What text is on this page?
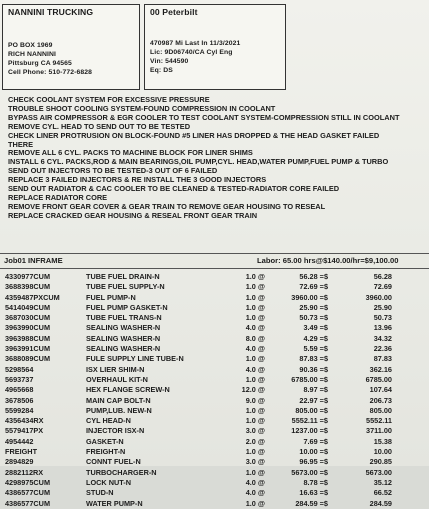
NANNINI TRUCKING
PO BOX 1969
RICH NANNINI
Pittsburg CA 94565
Cell Phone: 510-772-6828
00 Peterbilt
470987 Mi Last In 11/3/2021
Lic: 9D06740/CA Cyl Eng
Vin: 544590
Eq: DS
CHECK COOLANT SYSTEM FOR EXCESSIVE PRESSURE
TROUBLE SHOOT COOLING SYSTEM-FOUND COMPRESSION IN COOLANT
BYPASS AIR COMPRESSOR & EGR COOLER TO TEST COOLANT SYSTEM-COMPRESSION STILL IN COOLANT
REMOVE CYL. HEAD TO SEND OUT TO BE TESTED
CHECK LINER PROTRUSION ON BLOCK-FOUND #5 LINER HAS DROPPED & THE HEAD GASKET FAILED
THERE
REMOVE ALL 6 CYL. PACKS TO MACHINE BLOCK FOR LINER SHIMS
INSTALL 6 CYL. PACKS,ROD & MAIN BEARINGS,OIL PUMP,CYL. HEAD,WATER PUMP,FUEL PUMP & TURBO
SEND OUT INJECTORS TO BE TESTED-3 OUT OF 6 FAILED
REPLACE 3 FAILED INJECTORS & RE INSTALL THE 3 GOOD INJECTORS
SEND OUT RADIATOR & CAC COOLER TO BE CLEANED & TESTED-RADIATOR CORE FAILED
REPLACE RADIATOR CORE
REMOVE FRONT GEAR COVER & GEAR TRAIN TO REMOVE GEAR HOUSING TO RESEAL
REPLACE CRACKED GEAR HOUSING & RESEAL FRONT GEAR TRAIN
Job01 INFRAME	Labor: 65.00 hrs@$140.00/hr=$9,100.00
4330977CUM	TUBE FUEL DRAIN-N	1.0 @	56.28 =$	56.28
3688398CUM	TUBE FUEL SUPPLY-N	1.0 @	72.69 =$	72.69
4359487PXCUM	FUEL PUMP-N	1.0 @	3960.00 =$	3960.00
5414049CUM	FUEL PUMP GASKET-N	1.0 @	25.90 =$	25.90
3687030CUM	TUBE FUEL TRANS-N	1.0 @	50.73 =$	50.73
3963990CUM	SEALING WASHER-N	4.0 @	3.49 =$	13.96
3963988CUM	SEALING WASHER-N	8.0 @	4.29 =$	34.32
3963991CUM	SEALING WASHER-N	4.0 @	5.59 =$	22.36
3688089CUM	FULE SUPPLY LINE TUBE-N	1.0 @	87.83 =$	87.83
5298564	ISX LIER SHIM-N	4.0 @	90.36 =$	362.16
5693737	OVERHAUL KIT-N	1.0 @	6785.00 =$	6785.00
4965668	HEX FLANGE SCREW-N	12.0 @	8.97 =$	107.64
3678506	MAIN CAP BOLT-N	9.0 @	22.97 =$	206.73
5599284	PUMP,LUB. NEW-N	1.0 @	805.00 =$	805.00
4356434RX	CYL HEAD-N	1.0 @	5552.11 =$	5552.11
5579417PX	INJECTOR ISX-N	3.0 @	1237.00 =$	3711.00
4954442	GASKET-N	2.0 @	7.69 =$	15.38
FREIGHT	FREIGHT-N	1.0 @	10.00 =$	10.00
2894829	CONNT FUEL-N	3.0 @	96.95 =$	290.85
2882112RX	TURBOCHARGER-N	1.0 @	5673.00 =$	5673.00
4298975CUM	LOCK NUT-N	4.0 @	8.78 =$	35.12
4386577CUM	STUD-N	4.0 @	16.63 =$	66.52
4386577CUM	WATER PUMP-N	1.0 @	284.59 =$	284.59
